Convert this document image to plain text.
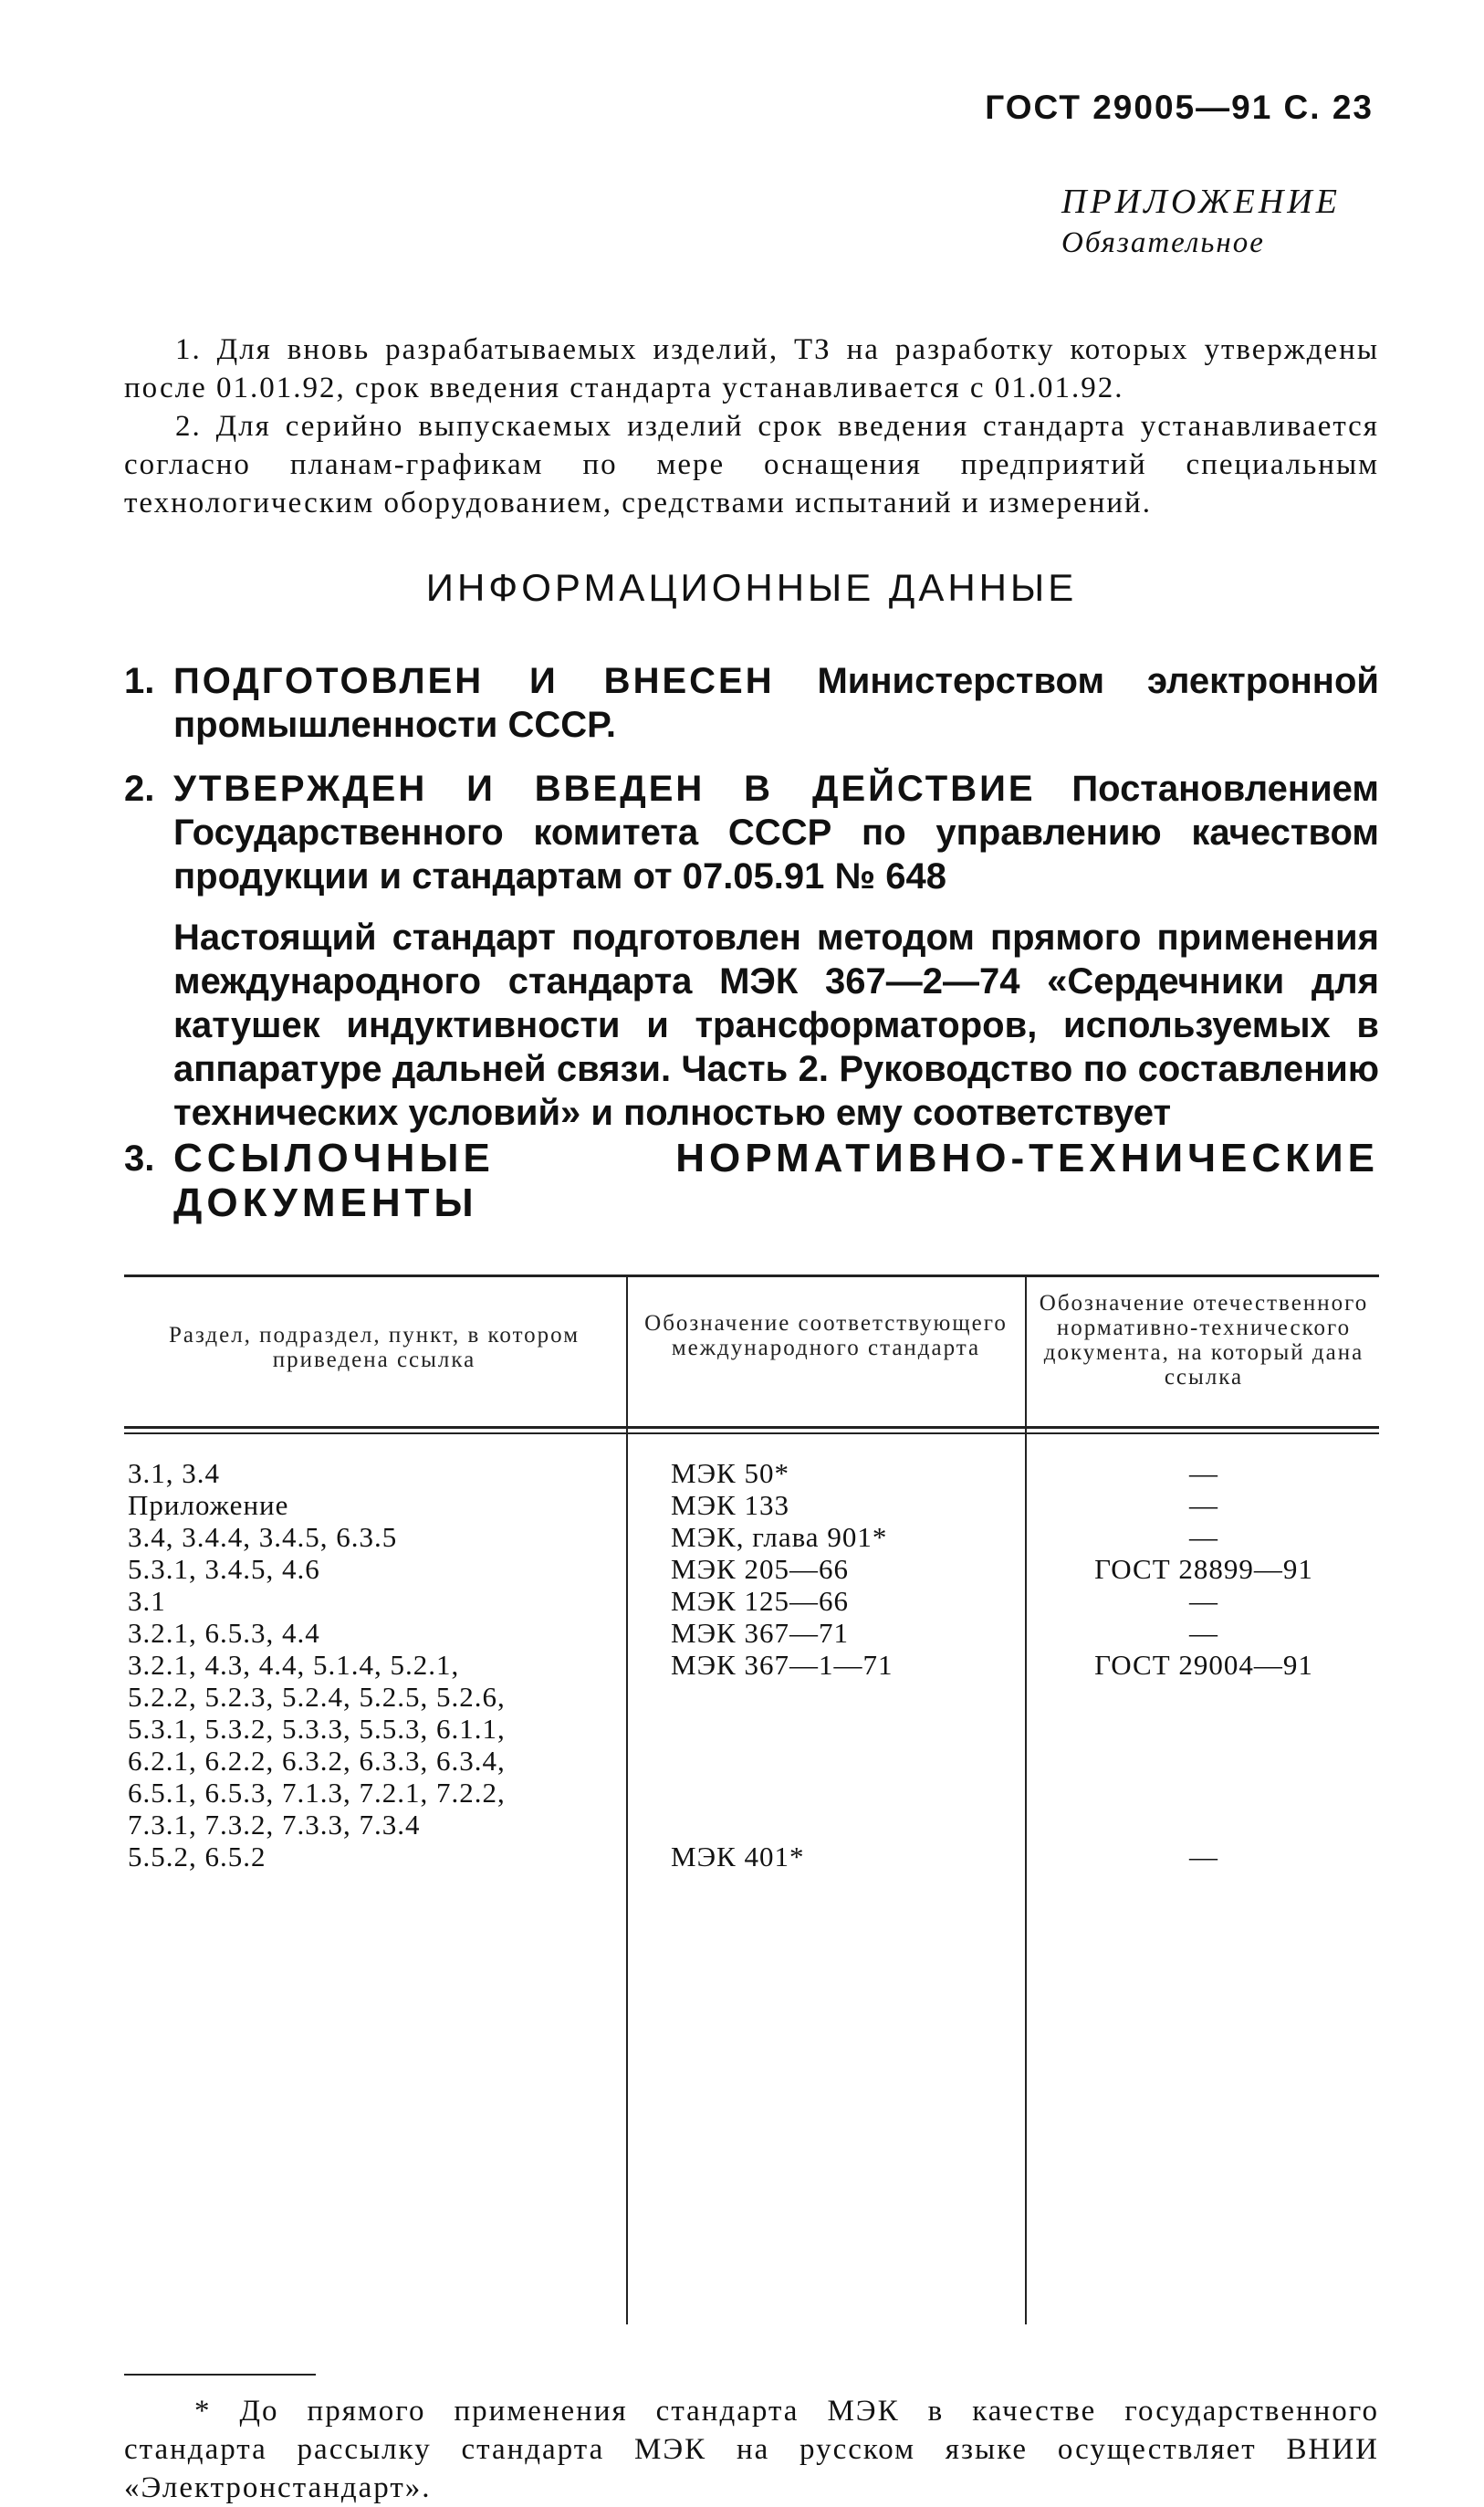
ГОСТ 29005—91 С. 23
ПРИЛОЖЕНИЕ
Обязательное

1. Для вновь разрабатываемых изделий, ТЗ на разработку которых утверждены после 01.01.92, срок введения стандарта устанавливается с 01.01.92.

2. Для серийно выпускаемых изделий срок введения стандарта устанавливается согласно планам-графикам по мере оснащения предприятий специальным технологическим оборудованием, средствами испытаний и измерений.

ИНФОРМАЦИОННЫЕ ДАННЫЕ
1. ПОДГОТОВЛЕН И ВНЕСЕН Министерством электронной промышленности СССР.
2. УТВЕРЖДЕН И ВВЕДЕН В ДЕЙСТВИЕ Постановлением Государственного комитета СССР по управлению качеством продукции и стандартам от 07.05.91 № 648
Настоящий стандарт подготовлен методом прямого применения международного стандарта МЭК 367—2—74 «Сердечники для катушек индуктивности и трансформаторов, используемых в аппаратуре дальней связи. Часть 2. Руководство по составлению технических условий» и полностью ему соответствует
3. ССЫЛОЧНЫЕ НОРМАТИВНО-ТЕХНИЧЕСКИЕ ДОКУМЕНТЫ
Раздел, подраздел, пункт, в котором приведена ссылка
Обозначение соответствующего международного стандарта
Обозначение отечественного нормативно-технического документа, на который дана ссылка
3.1, 3.4
Приложение
3.4, 3.4.4, 3.4.5, 6.3.5
5.3.1, 3.4.5, 4.6
3.1
3.2.1, 6.5.3, 4.4
3.2.1, 4.3, 4.4, 5.1.4, 5.2.1,
5.2.2, 5.2.3, 5.2.4, 5.2.5, 5.2.6,
5.3.1, 5.3.2, 5.3.3, 5.5.3, 6.1.1,
6.2.1, 6.2.2, 6.3.2, 6.3.3, 6.3.4,
6.5.1, 6.5.3, 7.1.3, 7.2.1, 7.2.2,
7.3.1, 7.3.2, 7.3.3, 7.3.4
5.5.2, 6.5.2
МЭК 50*
МЭК 133
МЭК, глава 901*
МЭК 205—66
МЭК 125—66
МЭК 367—71
МЭК 367—1—71
МЭК 401*
—
—
—
ГОСТ 28899—91
—
—
ГОСТ 29004—91
—

* До прямого применения стандарта МЭК в качестве государственного стандарта рассылку стандарта МЭК на русском языке осуществляет ВНИИ «Электронстандарт».
